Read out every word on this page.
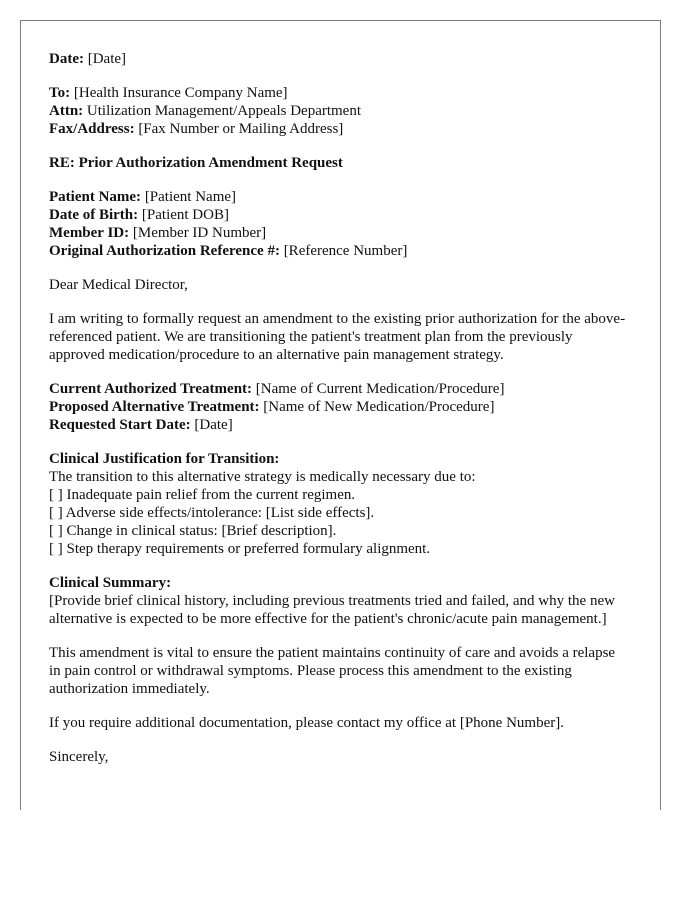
Date: [Date]

To: [Health Insurance Company Name]

Attn: Utilization Management/Appeals Department

Fax/Address: [Fax Number or Mailing Address]

RE: Prior Authorization Amendment Request

Patient Name: [Patient Name]

Date of Birth: [Patient DOB]

Member ID: [Member ID Number]

Original Authorization Reference #: [Reference Number]

Dear Medical Director,

I am writing to formally request an amendment to the existing prior authorization for the above-referenced patient. We are transitioning the patient's treatment plan from the previously approved medication/procedure to an alternative pain management strategy.

Current Authorized Treatment: [Name of Current Medication/Procedure]

Proposed Alternative Treatment: [Name of New Medication/Procedure]

Requested Start Date: [Date]

Clinical Justification for Transition:

The transition to this alternative strategy is medically necessary due to:

[ ] Inadequate pain relief from the current regimen.

[ ] Adverse side effects/intolerance: [List side effects].

[ ] Change in clinical status: [Brief description].

[ ] Step therapy requirements or preferred formulary alignment.

Clinical Summary:

[Provide brief clinical history, including previous treatments tried and failed, and why the new alternative is expected to be more effective for the patient's chronic/acute pain management.]

This amendment is vital to ensure the patient maintains continuity of care and avoids a relapse in pain control or withdrawal symptoms. Please process this amendment to the existing authorization immediately.

If you require additional documentation, please contact my office at [Phone Number].

Sincerely,
